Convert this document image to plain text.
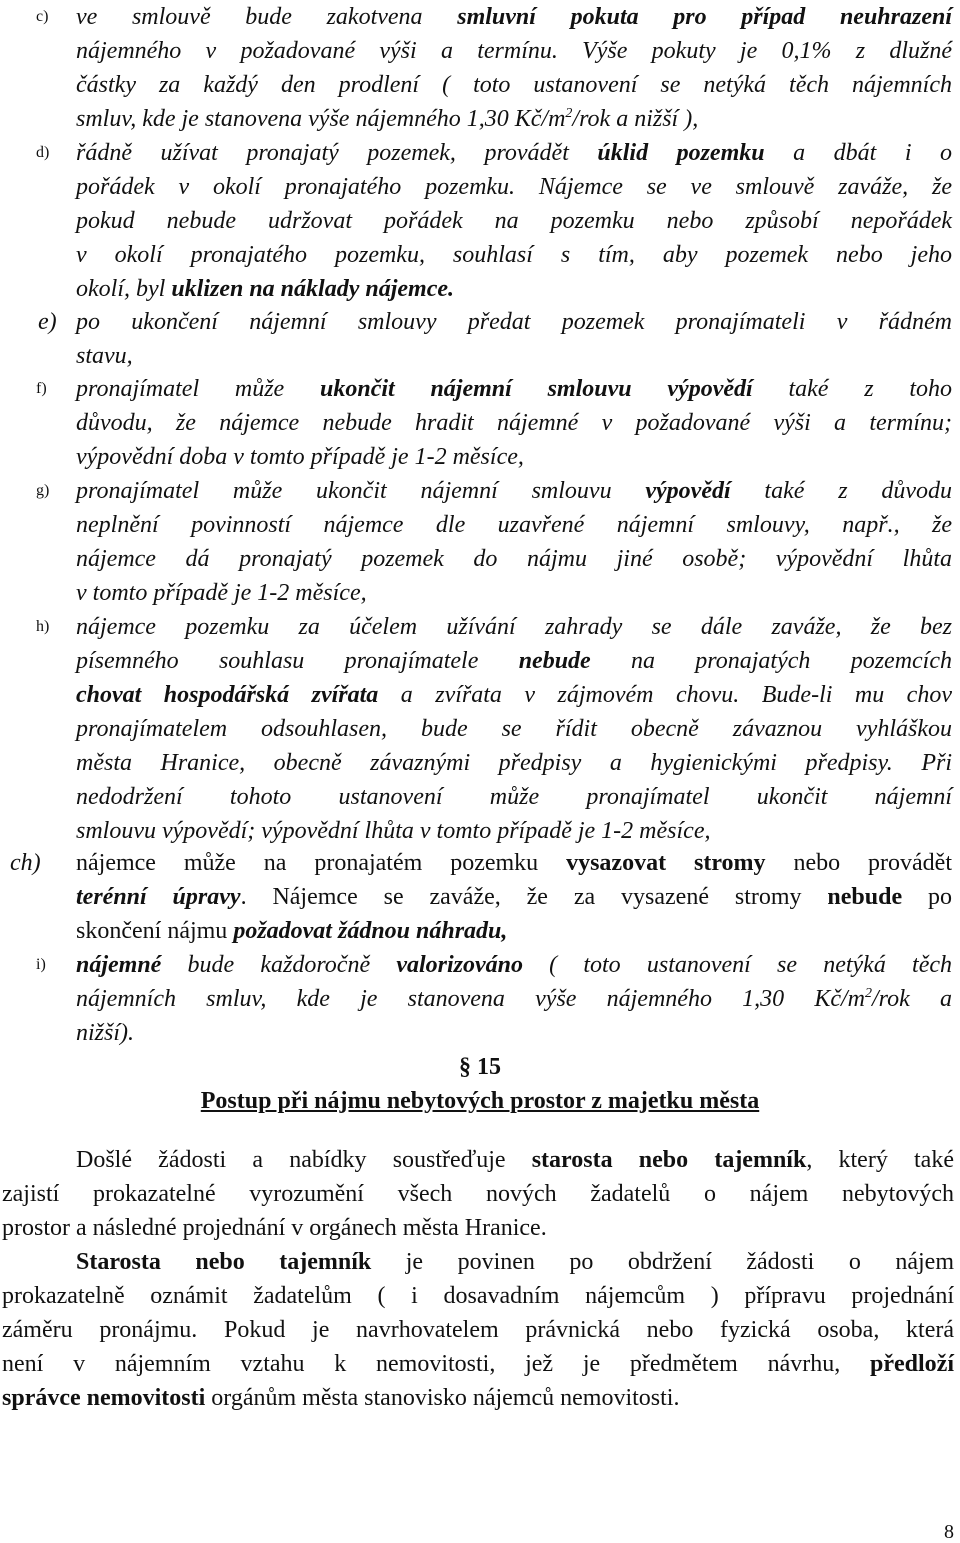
c) ve smlouvě bude zakotvena smluvní pokuta pro případ neuhrazení
nájemného v požadované výši a termínu. Výše pokuty je 0,1% z dlužné
částky za každý den prodlení ( toto ustanovení se netýká těch nájemních
smluv, kde je stanovena výše nájemného 1,30 $Kč/m^2$/rok a nižší ),
d) řádně užívat pronajatý pozemek, provádět úklid pozemku a dbát i o
pořádek v okolí pronajatého pozemku. Nájemce se ve smlouvě zaváže, že
pokud nebude udržovat pořádek na pozemku nebo způsobí nepořádek
v okolí pronajatého pozemku, souhlasí s tím, aby pozemek nebo jeho
okolí, byl uklizen na náklady nájemce.
e) po ukončení nájemní smlouvy předat pozemek pronajímateli v řádném
stavu,
f) pronajímatel může ukončit nájemní smlouvu výpovědí také z toho
důvodu, že nájemce nebude hradit nájemné v požadované výši a termínu;
výpovědní doba v tomto případě je 1-2 měsíce,
g) pronajímatel může ukončit nájemní smlouvu výpovědí také z důvodu
neplnění povinností nájemce dle uzavřené nájemní smlouvy, např., že
nájemce dá pronajatý pozemek do nájmu jiné osobě; výpovědní lhůta
v tomto případě je 1-2 měsíce,
h) nájemce pozemku za účelem užívání zahrady se dále zaváže, že bez
písemného souhlasu pronajímatele nebude na pronajatých pozemcích
chovat hospodářská zvířata a zvířata v zájmovém chovu. Bude-li mu chov
pronajímatelem odsouhlasen, bude se řídit obecně závaznou vyhláškou
města Hranice, obecně závaznými předpisy a hygienickými předpisy. Při
nedodržení tohoto ustanovení může pronajímatel ukončit nájemní
smlouvu výpovědí; výpovědní lhůta v tomto případě je 1-2 měsíce,
ch) nájemce může na pronajatém pozemku vysazovat stromy nebo provádět
terénní úpravy. Nájemce se zaváže, že za vysazené stromy nebude po
skončení nájmu požadovat žádnou náhradu,
i) nájemné bude každoročně valorizováno ( toto ustanovení se netýká těch
nájemních smluv, kde je stanovena výše nájemného 1,30 $Kč/m^2$/rok a
nižší).
§ 15
Postup při nájmu nebytových prostor z majetku města
Došlé žádosti a nabídky soustřeďuje starosta nebo tajemník, který také
zajistí prokazatelné vyrozumění všech nových žadatelů o nájem nebytových
prostor a následné projednání v orgánech města Hranice.
Starosta nebo tajemník je povinen po obdržení žádosti o nájem
prokazatelně oznámit žadatelům ( i dosavadním nájemcům ) přípravu projednání
záměru pronájmu. Pokud je navrhovatelem právnická nebo fyzická osoba, která
není v nájemním vztahu k nemovitosti, jež je předmětem návrhu, předloží
správce nemovitosti orgánům města stanovisko nájemců nemovitosti.
8
